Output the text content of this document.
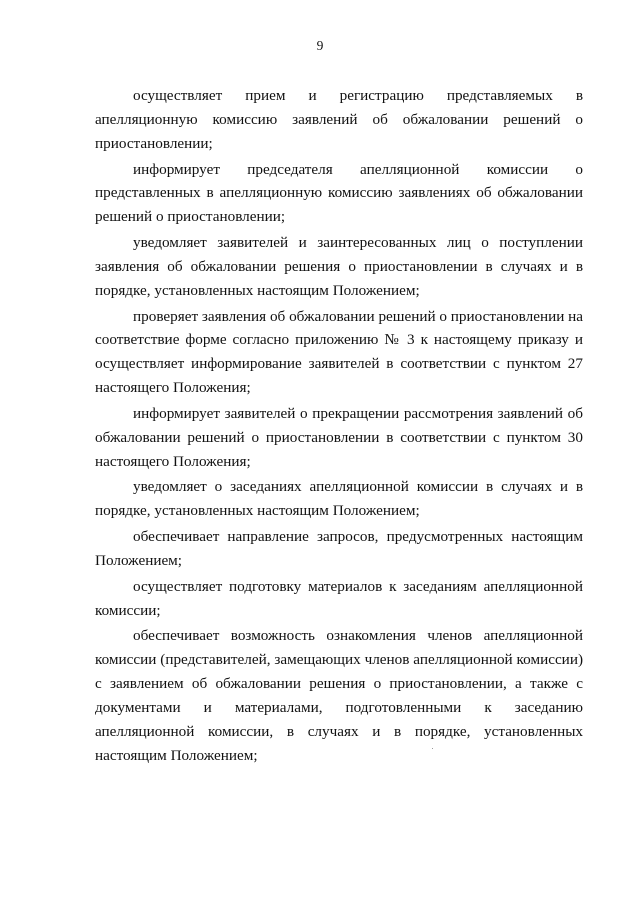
9

осуществляет прием и регистрацию представляемых в апелляционную комиссию заявлений об обжаловании решений о приостановлении;

информирует председателя апелляционной комиссии о представленных в апелляционную комиссию заявлениях об обжаловании решений о приостановлении;

уведомляет заявителей и заинтересованных лиц о поступлении заявления об обжаловании решения о приостановлении в случаях и в порядке, установленных настоящим Положением;

проверяет заявления об обжаловании решений о приостановлении на соответствие форме согласно приложению № 3 к настоящему приказу и осуществляет информирование заявителей в соответствии с пунктом 27 настоящего Положения;

информирует заявителей о прекращении рассмотрения заявлений об обжаловании решений о приостановлении в соответствии с пунктом 30 настоящего Положения;

уведомляет о заседаниях апелляционной комиссии в случаях и в порядке, установленных настоящим Положением;

обеспечивает направление запросов, предусмотренных настоящим Положением;

осуществляет подготовку материалов к заседаниям апелляционной комиссии;

обеспечивает возможность ознакомления членов апелляционной комиссии (представителей, замещающих членов апелляционной комиссии) с заявлением об обжаловании решения о приостановлении, а также с документами и материалами, подготовленными к заседанию апелляционной комиссии, в случаях и в порядке, установленных настоящим Положением;
